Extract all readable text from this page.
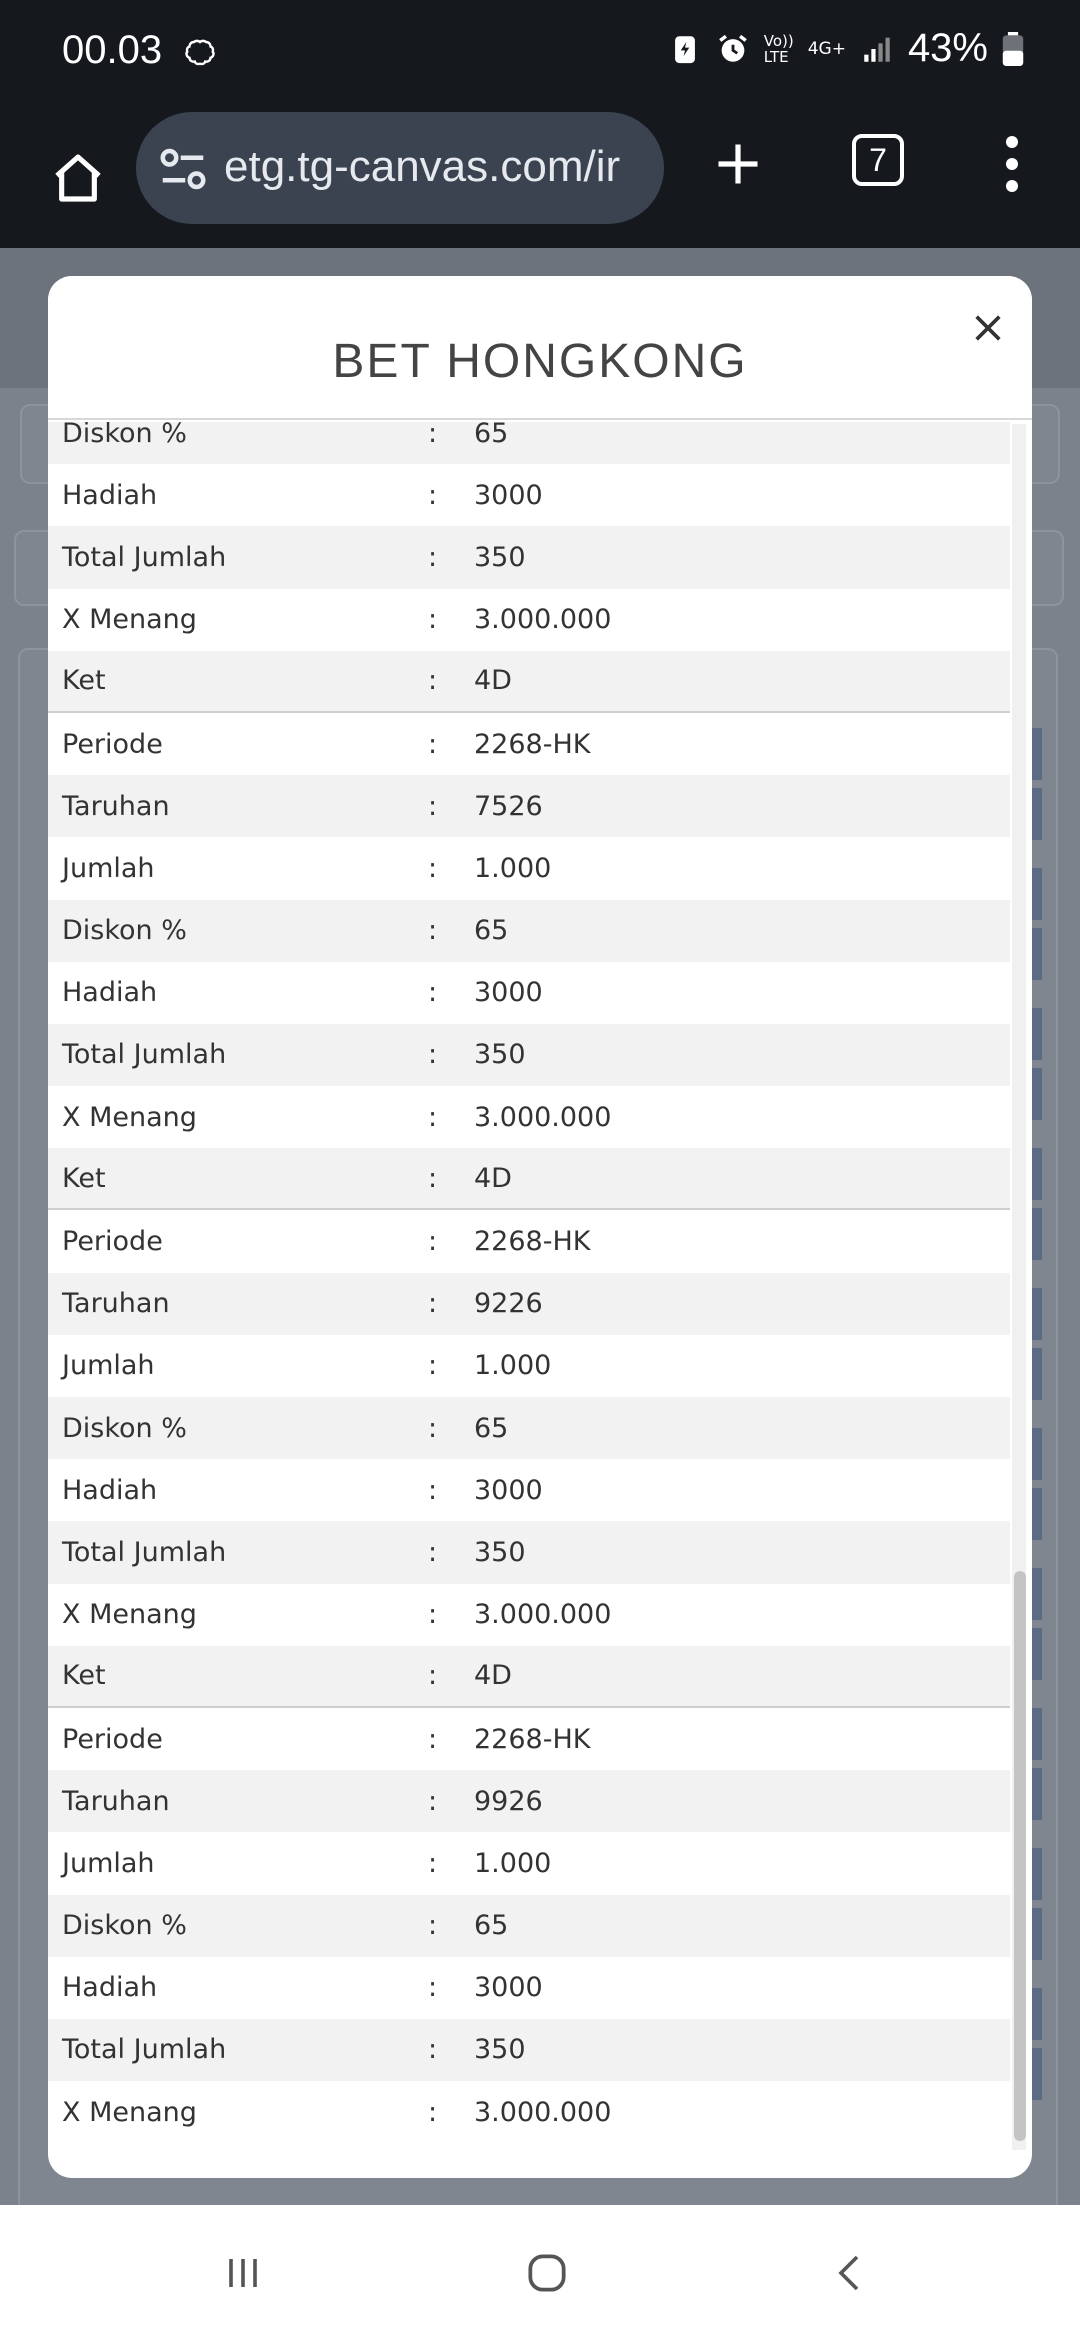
00.03	Vo))
LTE 4G+ 43%
etg.tg-canvas.com/ir	7
BET HONGKONG
Diskon %	:	65
Hadiah	:	3000
Total Jumlah	:	350
X Menang	:	3.000.000
Ket	:	4D
Periode	:	2268-HK
Taruhan	:	7526
Jumlah	:	1.000
Diskon %	:	65
Hadiah	:	3000
Total Jumlah	:	350
X Menang	:	3.000.000
Ket	:	4D
Periode	:	2268-HK
Taruhan	:	9226
Jumlah	:	1.000
Diskon %	:	65
Hadiah	:	3000
Total Jumlah	:	350
X Menang	:	3.000.000
Ket	:	4D
Periode	:	2268-HK
Taruhan	:	9926
Jumlah	:	1.000
Diskon %	:	65
Hadiah	:	3000
Total Jumlah	:	350
X Menang	:	3.000.000
